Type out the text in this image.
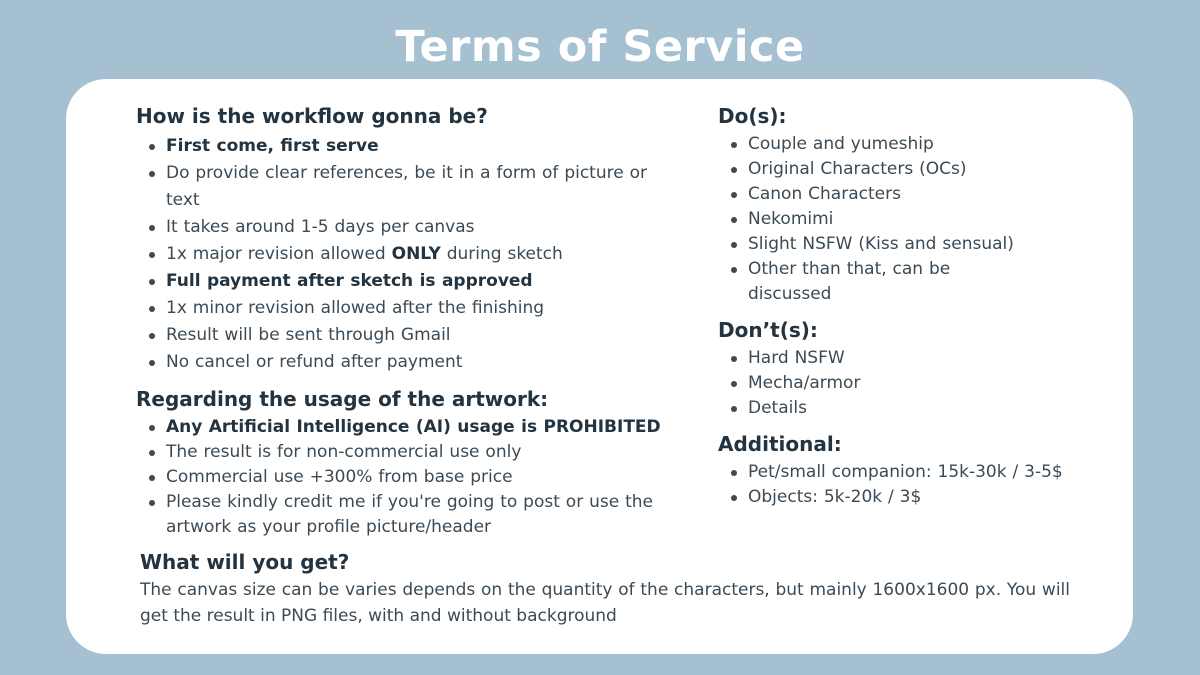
Terms of Service
How is the workflow gonna be?
First come, first serve
Do provide clear references, be it in a form of picture or text
It takes around 1-5 days per canvas
1x major revision allowed ONLY during sketch
Full payment after sketch is approved
1x minor revision allowed after the finishing
Result will be sent through Gmail
No cancel or refund after payment
Regarding the usage of the artwork:
Any Artificial Intelligence (AI) usage is PROHIBITED
The result is for non-commercial use only
Commercial use +300% from base price
Please kindly credit me if you're going to post or use the artwork as your profile picture/header
Do(s):
Couple and yumeship
Original Characters (OCs)
Canon Characters
Nekomimi
Slight NSFW (Kiss and sensual)
Other than that, can be discussed
Don’t(s):
Hard NSFW
Mecha/armor
Details
Additional:
Pet/small companion: 15k-30k / 3-5$
Objects: 5k-20k / 3$
What will you get?

The canvas size can be varies depends on the quantity of the characters, but mainly 1600x1600 px. You will get the result in PNG files, with and without background
